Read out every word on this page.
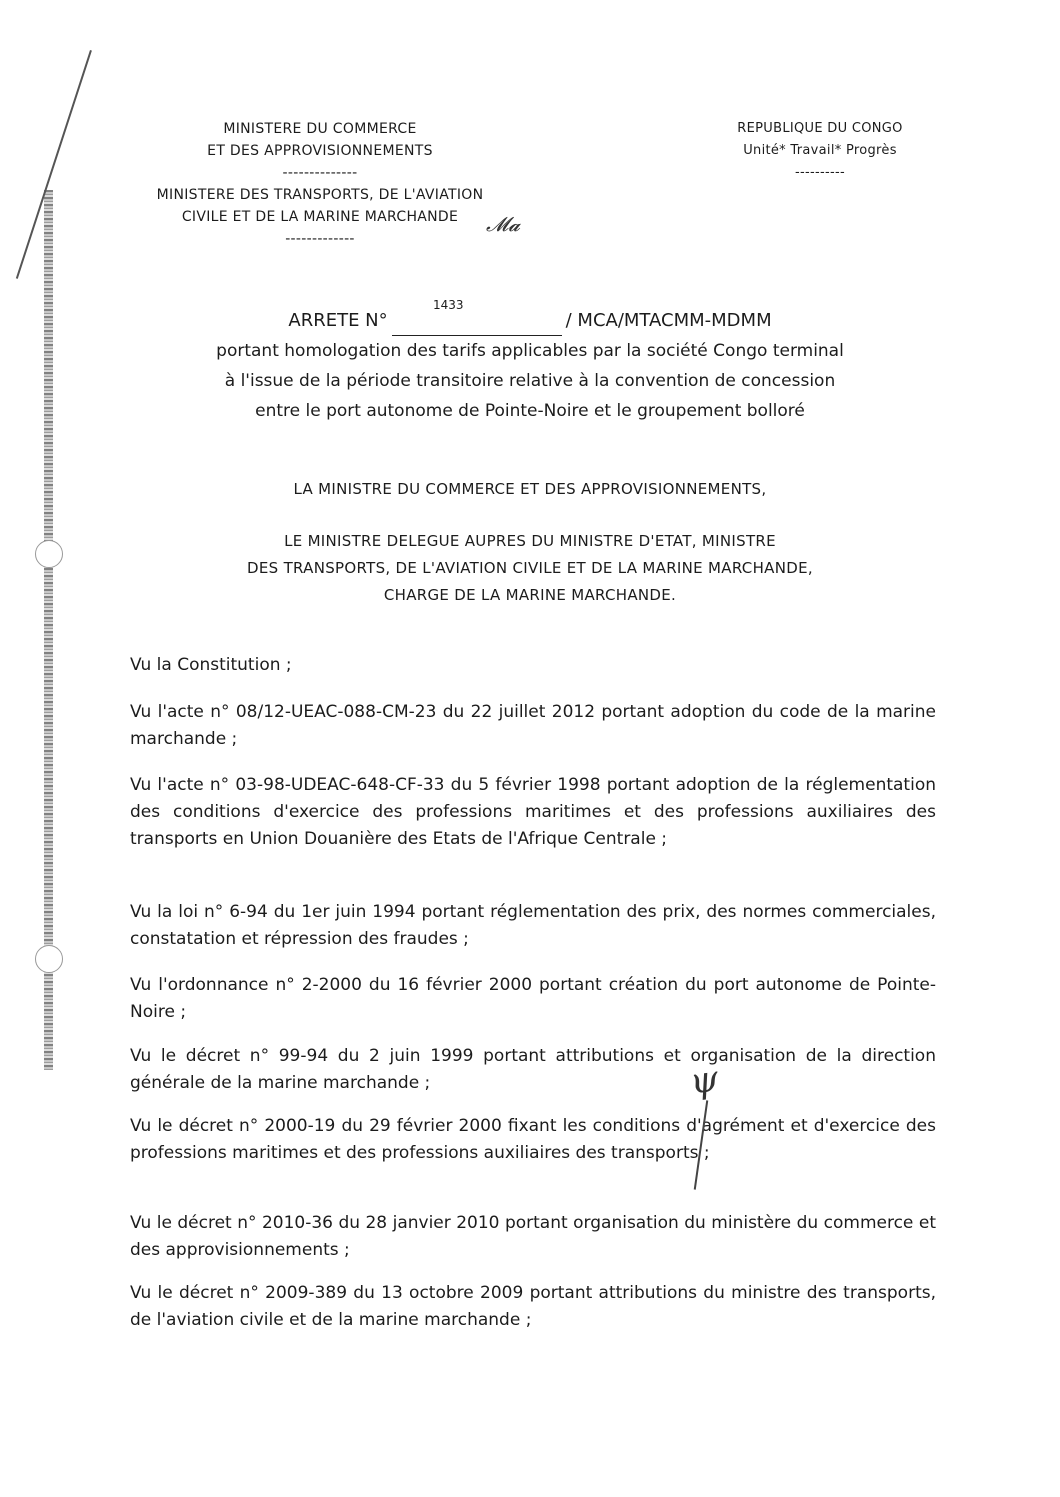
MINISTERE DU COMMERCE
ET DES APPROVISIONNEMENTS
--------------
MINISTERE DES TRANSPORTS, DE L'AVIATION
CIVILE ET DE LA MARINE MARCHANDE
-------------
𝓜𝓪
REPUBLIQUE DU CONGO
Unité* Travail* Progrès
----------
1433
ARRETE N°	/ MCA/MTACMM-MDMM
portant homologation des tarifs applicables par la société Congo terminal
à l'issue de la période transitoire relative à la convention de concession
entre le port autonome de Pointe-Noire et le groupement bolloré
LA MINISTRE DU COMMERCE ET DES APPROVISIONNEMENTS,
LE MINISTRE DELEGUE AUPRES DU MINISTRE D'ETAT, MINISTRE
DES TRANSPORTS, DE L'AVIATION CIVILE ET DE LA MARINE MARCHANDE,
CHARGE DE LA MARINE MARCHANDE.
Vu la Constitution ;
Vu l'acte n° 08/12-UEAC-088-CM-23 du 22 juillet 2012 portant adoption du code de la marine marchande ;
Vu l'acte n° 03-98-UDEAC-648-CF-33 du 5 février 1998 portant adoption de la réglementation des conditions d'exercice des professions maritimes et des professions auxiliaires des transports en Union Douanière des Etats de l'Afrique Centrale ;
Vu la loi n° 6-94 du 1er juin 1994 portant réglementation des prix, des normes commerciales, constatation et répression des fraudes ;
Vu l'ordonnance n° 2-2000 du 16 février 2000 portant création du port autonome de Pointe-Noire ;
Vu le décret n° 99-94 du 2 juin 1999 portant attributions et organisation de la direction générale de la marine marchande ;
Vu le décret n° 2000-19 du 29 février 2000 fixant les conditions d'agrément et d'exercice des professions maritimes et des professions auxiliaires des transports ;
Vu le décret n° 2010-36 du 28 janvier 2010 portant organisation du ministère du commerce et des approvisionnements ;
Vu le décret n° 2009-389 du 13 octobre 2009 portant attributions du ministre des transports, de l'aviation civile et de la marine marchande ;
ψ
